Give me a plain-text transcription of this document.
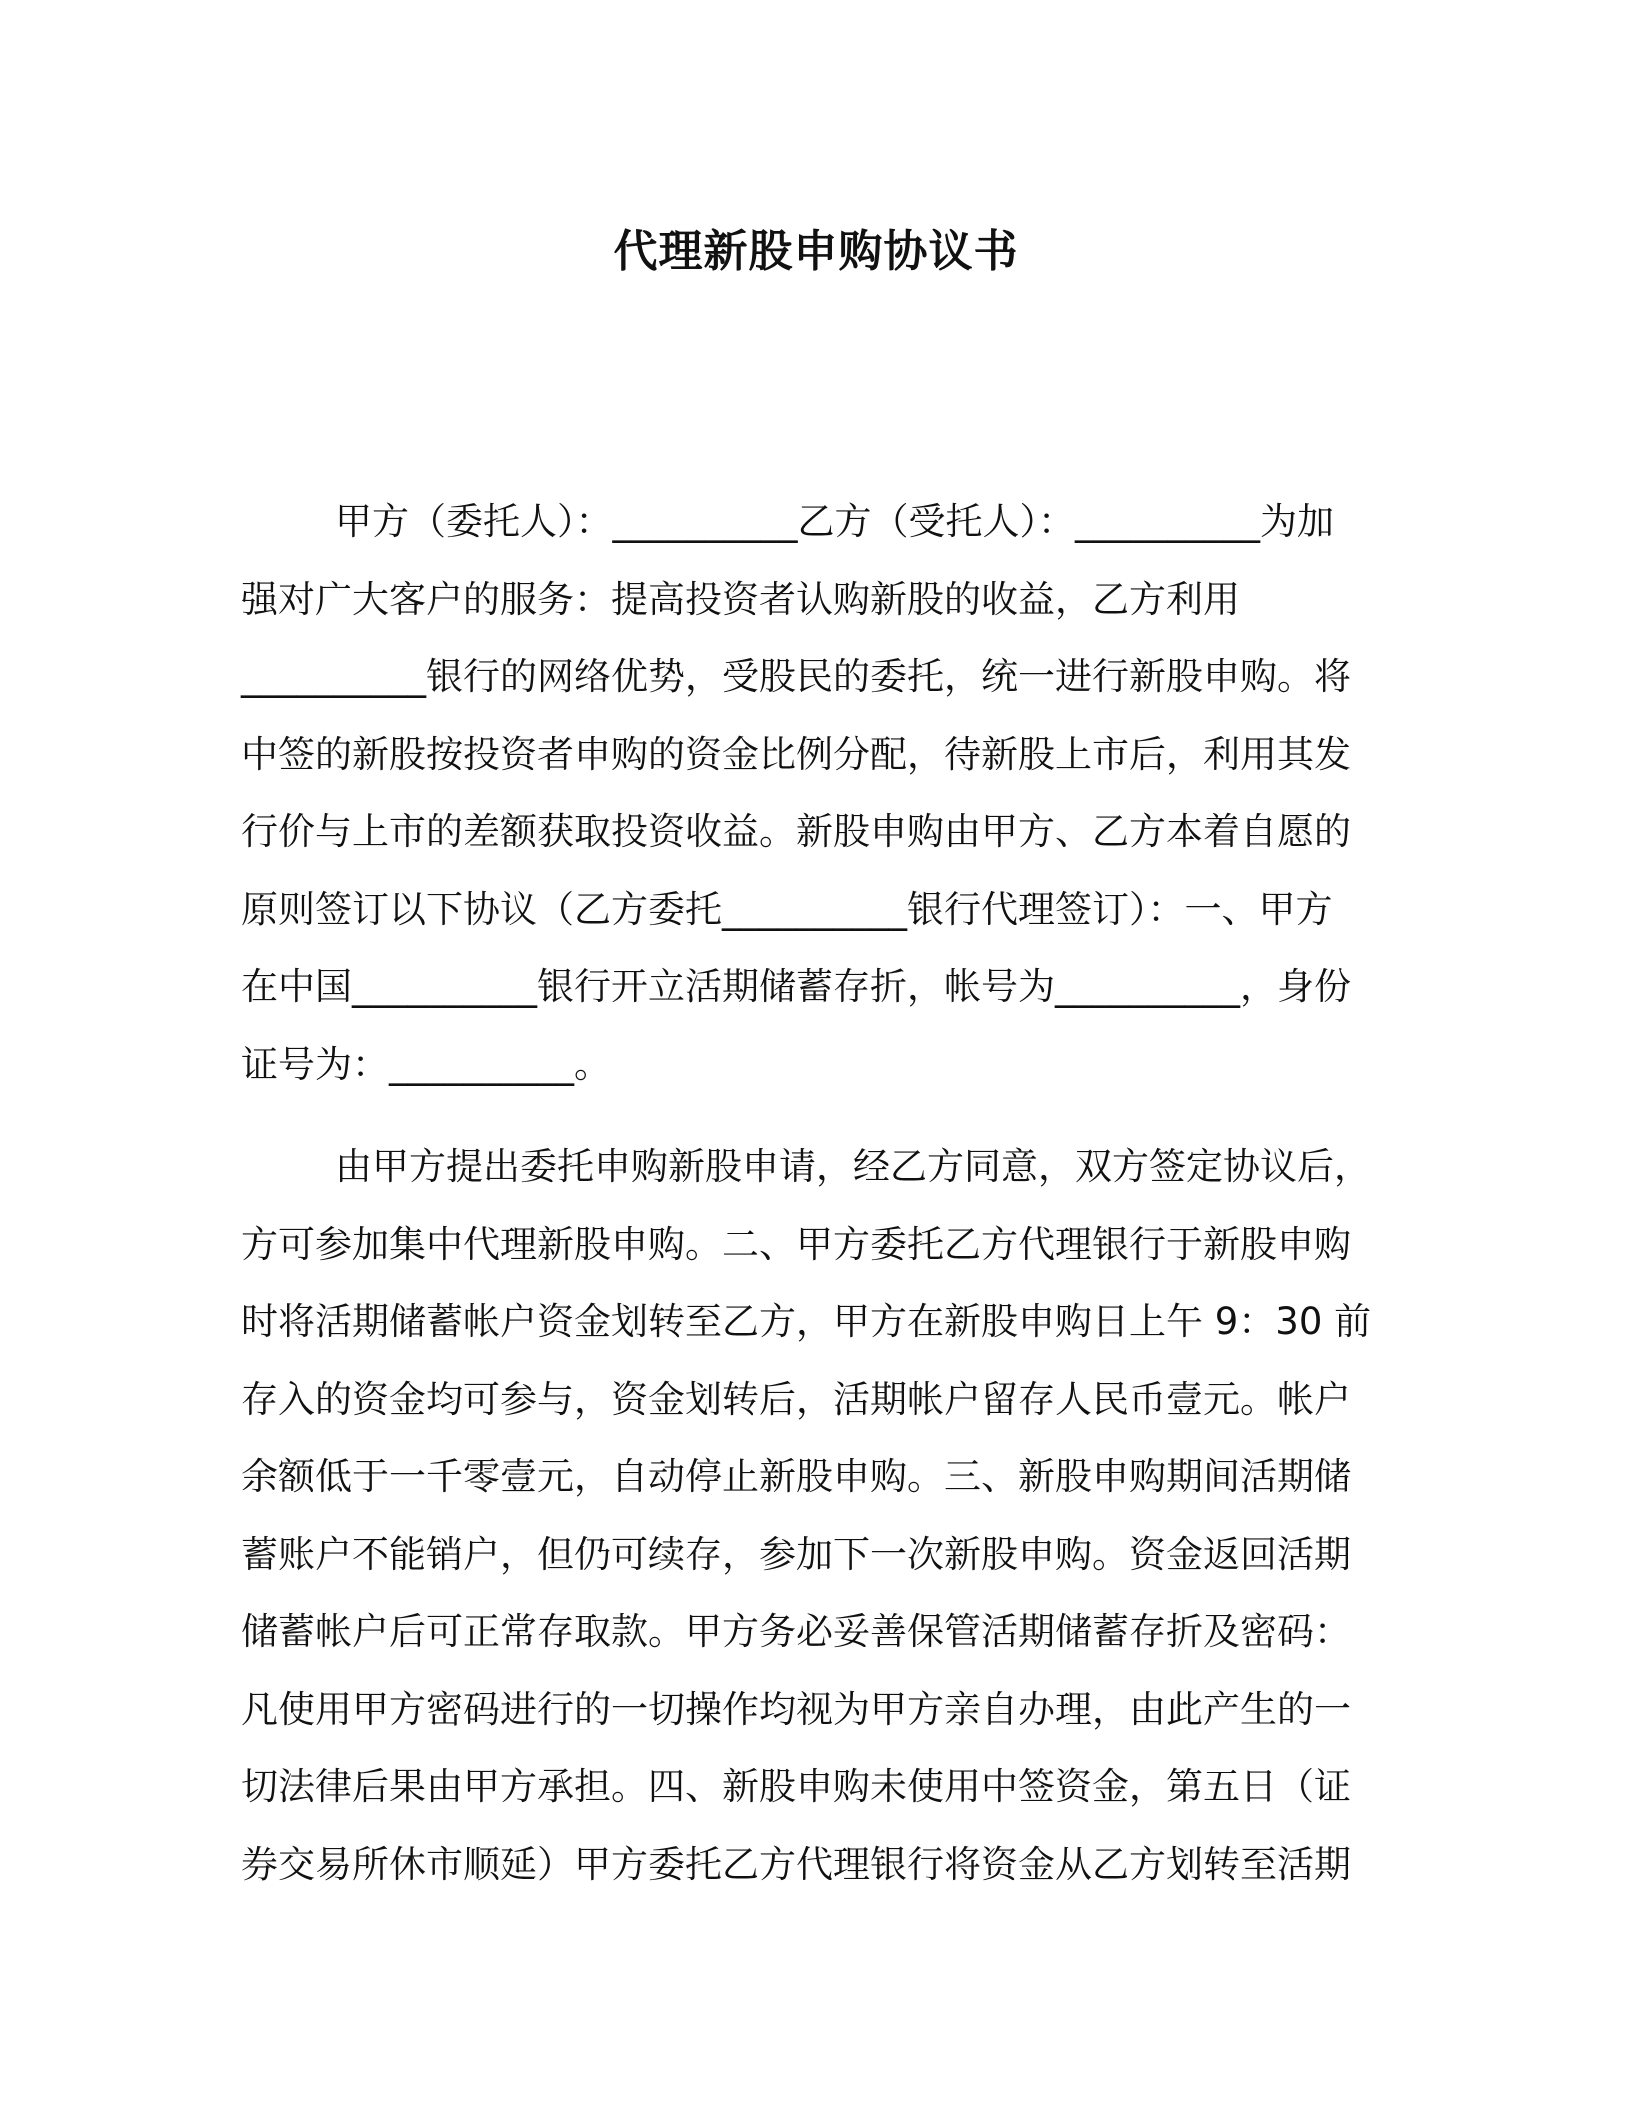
代理新股申购协议书
甲方（委托人）：__________乙方（受托人）：__________为加
强对广大客户的服务：提高投资者认购新股的收益，乙方利用
__________银行的网络优势，受股民的委托，统一进行新股申购。将
中签的新股按投资者申购的资金比例分配，待新股上市后，利用其发
行价与上市的差额获取投资收益。新股申购由甲方、乙方本着自愿的
原则签订以下协议（乙方委托__________银行代理签订）：一、甲方
在中国__________银行开立活期储蓄存折，帐号为__________，身份
证号为：__________。
由甲方提出委托申购新股申请，经乙方同意，双方签定协议后，
方可参加集中代理新股申购。二、甲方委托乙方代理银行于新股申购
时将活期储蓄帐户资金划转至乙方，甲方在新股申购日上午 9：30 前
存入的资金均可参与，资金划转后，活期帐户留存人民币壹元。帐户
余额低于一千零壹元，自动停止新股申购。三、新股申购期间活期储
蓄账户不能销户，但仍可续存，参加下一次新股申购。资金返回活期
储蓄帐户后可正常存取款。甲方务必妥善保管活期储蓄存折及密码：
凡使用甲方密码进行的一切操作均视为甲方亲自办理，由此产生的一
切法律后果由甲方承担。四、新股申购未使用中签资金，第五日（证
券交易所休市顺延）甲方委托乙方代理银行将资金从乙方划转至活期
